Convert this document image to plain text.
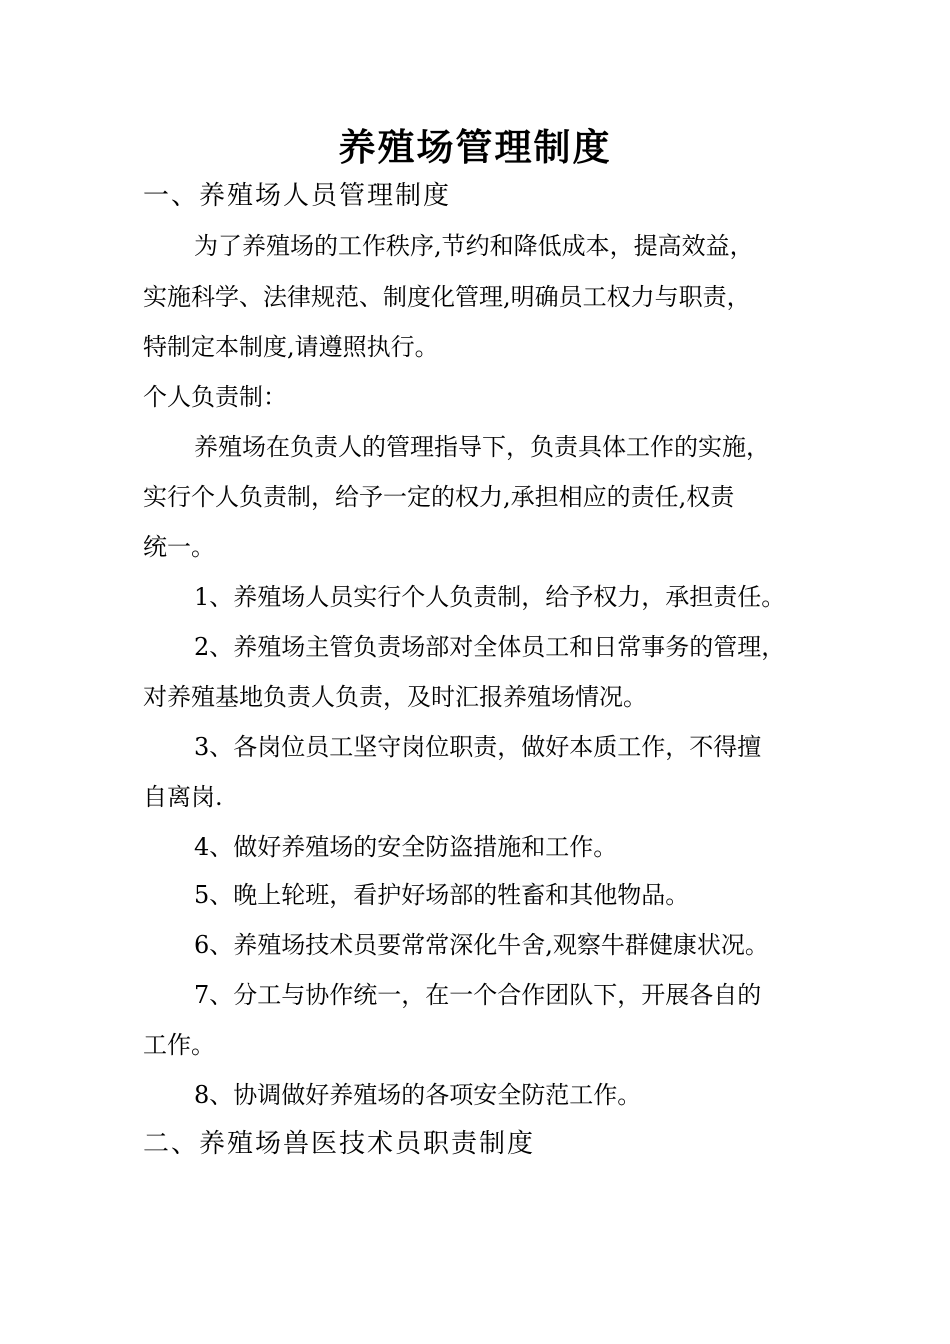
养殖场管理制度
一、养殖场人员管理制度
为了养殖场的工作秩序,节约和降低成本，提高效益，
实施科学、法律规范、制度化管理,明确员工权力与职责，
特制定本制度,请遵照执行。
个人负责制：
养殖场在负责人的管理指导下，负责具体工作的实施，
实行个人负责制，给予一定的权力,承担相应的责任,权责
统一。
1、养殖场人员实行个人负责制，给予权力，承担责任。
2、养殖场主管负责场部对全体员工和日常事务的管理，
对养殖基地负责人负责，及时汇报养殖场情况。
3、各岗位员工坚守岗位职责，做好本质工作，不得擅
自离岗.
4、做好养殖场的安全防盗措施和工作。
5、晚上轮班，看护好场部的牲畜和其他物品。
6、养殖场技术员要常常深化牛舍,观察牛群健康状况。
7、分工与协作统一，在一个合作团队下，开展各自的
工作。
8、协调做好养殖场的各项安全防范工作。
二、养殖场兽医技术员职责制度
